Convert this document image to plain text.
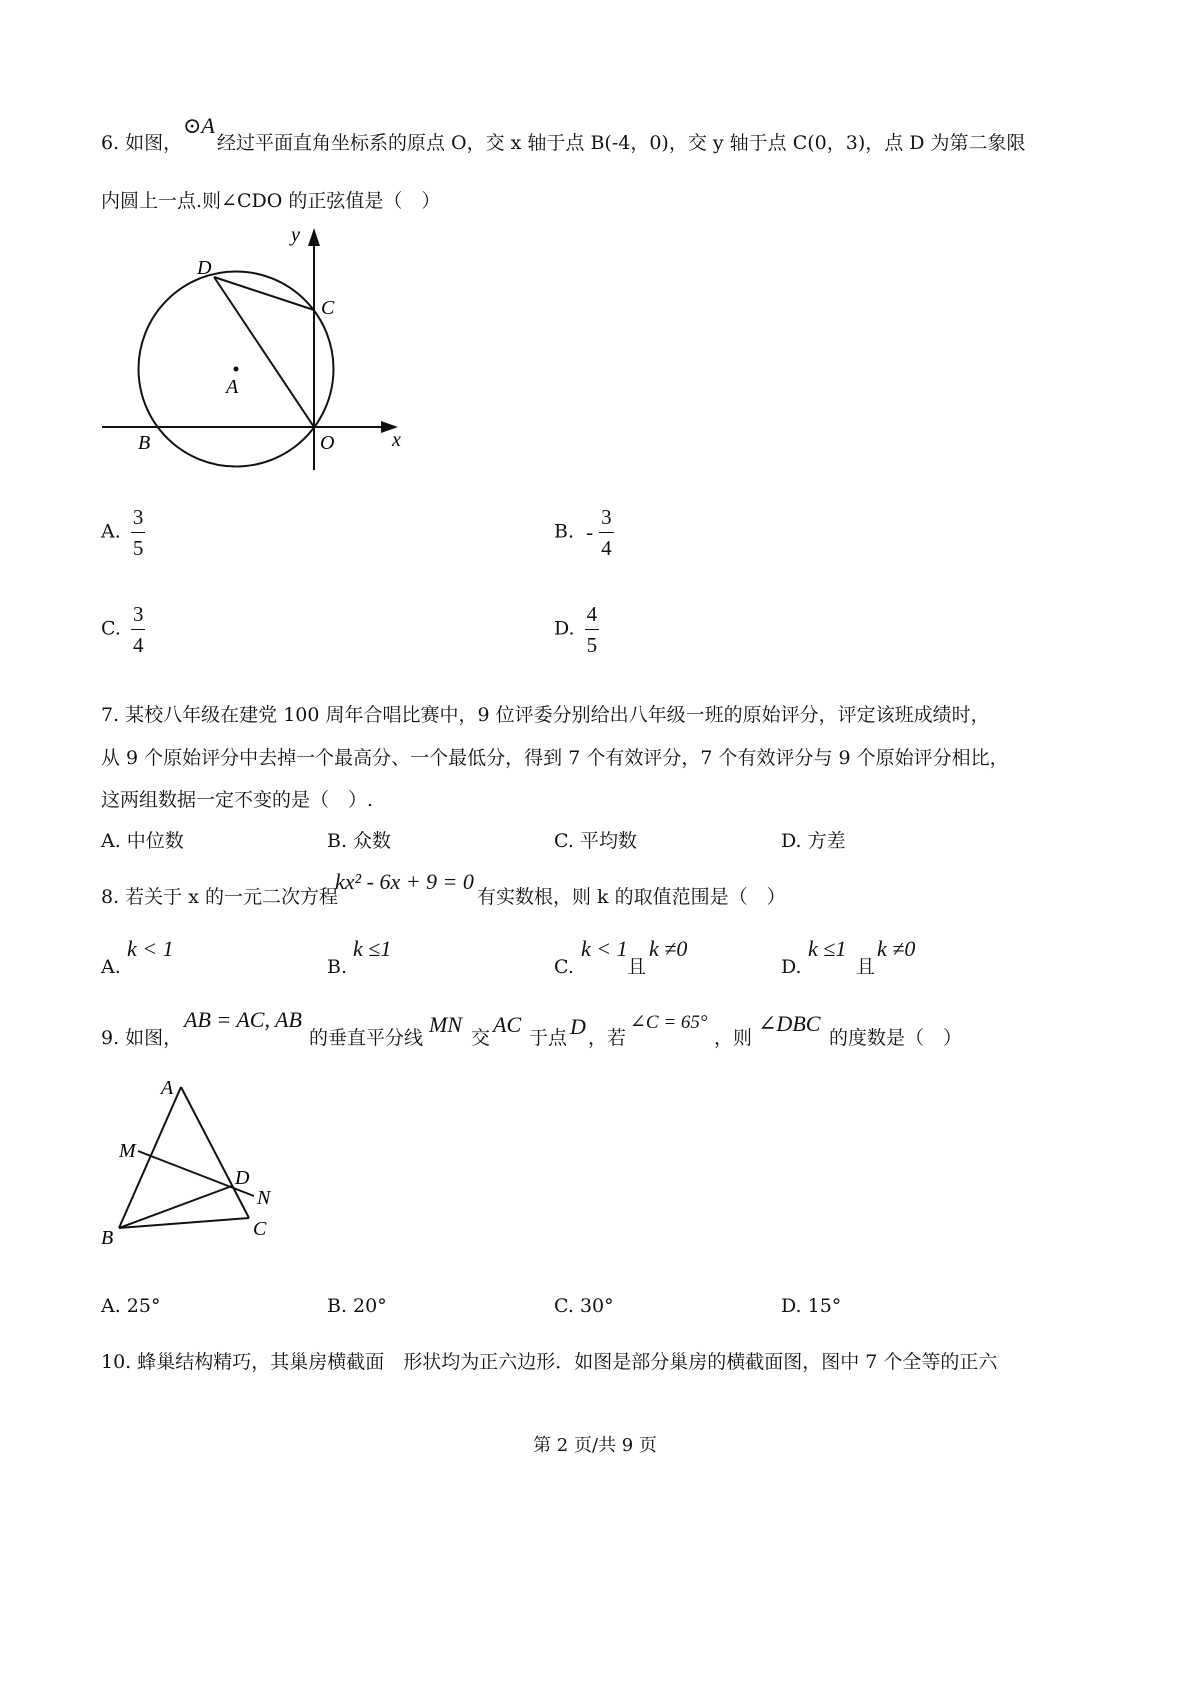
6. 如图，
⊙A
经过平面直角坐标系的原点 O，交 x 轴于点 B(-4，0)，交 y 轴于点 C(0，3)，点 D 为第二象限
内圆上一点.则∠CDO 的正弦值是（　）
y
D
C
A
B	O	x
A. $\frac{3}{5}$	B. - $\frac{3}{4}$
C. $\frac{3}{4}$	D. $\frac{4}{5}$
7. 某校八年级在建党 100 周年合唱比赛中，9 位评委分别给出八年级一班的原始评分，评定该班成绩时，
从 9 个原始评分中去掉一个最高分、一个最低分，得到 7 个有效评分，7 个有效评分与 9 个原始评分相比，
这两组数据一定不变的是（　）.
A. 中位数	B. 众数	C. 平均数	D. 方差
8. 若关于 x 的一元二次方程
kx² - 6x + 9 = 0
有实数根，则 k 的取值范围是（　）
A.
k < 1
B.
k ≤1
C.
k < 1
且
k ≠0
D.
k ≤1
且
k ≠0
9. 如图，
AB = AC, AB
的垂直平分线
MN
交
AC
于点 D ，若
∠C = 65°
，则
∠DBC
的度数是（　）
A
M
D
N
B	C
A. 25°	B. 20°	C. 30°	D. 15°
10. 蜂巢结构精巧，其巢房横截面　形状均为正六边形．如图是部分巢房的横截面图，图中 7 个全等的正六
第 2 页/共 9 页
